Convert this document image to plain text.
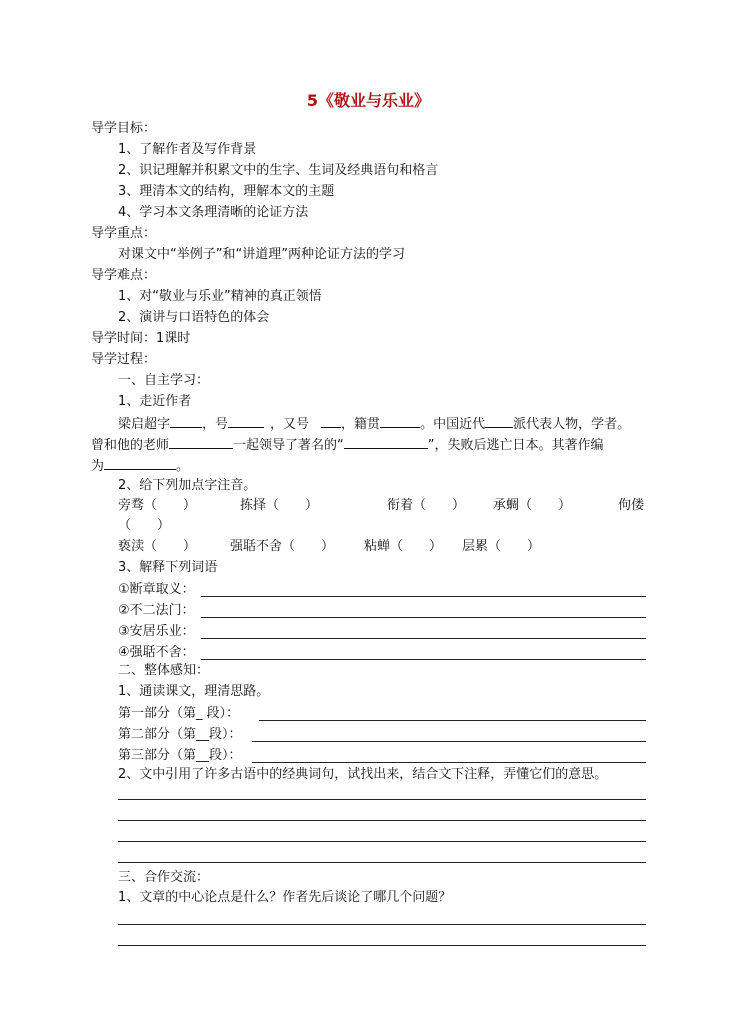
5《敬业与乐业》
导学目标：
1、了解作者及写作背景
2、识记理解并积累文中的生字、生词及经典语句和格言
3、理清本文的结构，理解本文的主题
4、学习本文条理清晰的论证方法
导学重点：
对课文中“举例子”和“讲道理”两种论证方法的学习
导学难点：
1、对“敬业与乐业”精神的真正领悟
2、演讲与口语特色的体会
导学时间：1课时
导学过程：
一、自主学习：
1、走近作者
梁启超字 ，号	，又号 ，籍贯	。中国近代 派代表人物，学者。
曾和他的老师	一起领导了著名的“	”，失败后逃亡日本。其著作编
为	。
2、给下列加点字注音。
旁骛（　　）	拣择（　　）	衔着（　　） 承蜩（　　）	佝偻
（　　）
亵渎（　　）	强聒不舍（　　） 粘蝉（　　） 层累（　　）
3、解释下列词语
①断章取义：
②不二法门：
③安居乐业：
④强聒不舍：
二、整体感知：
1、通读课文，理清思路。
第一部分（第_ 段）：
第二部分（第__段）：
第三部分（第__段）：
2、文中引用了许多古语中的经典词句，试找出来，结合文下注释，弄懂它们的意思。
三、合作交流：
1、文章的中心论点是什么？作者先后谈论了哪几个问题？
